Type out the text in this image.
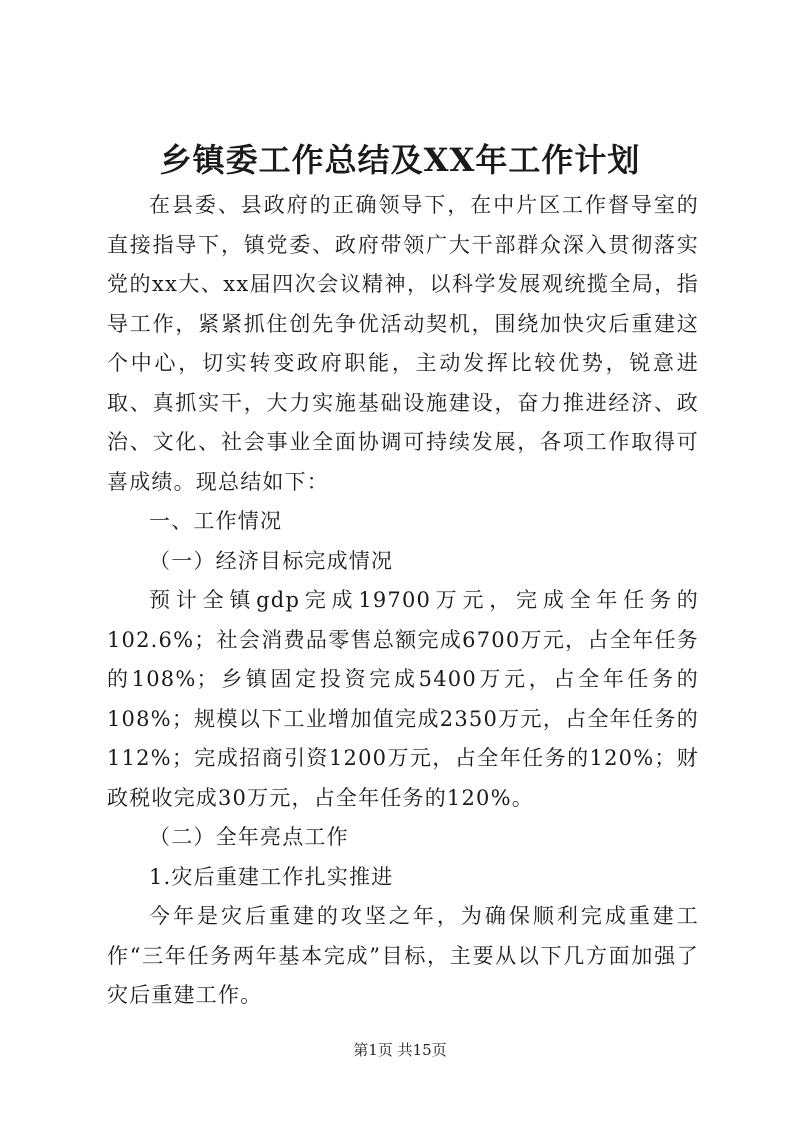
乡镇委工作总结及XX年工作计划

在县委、县政府的正确领导下，在中片区工作督导室的直接指导下，镇党委、政府带领广大干部群众深入贯彻落实党的xx大、xx届四次会议精神，以科学发展观统揽全局，指导工作，紧紧抓住创先争优活动契机，围绕加快灾后重建这个中心，切实转变政府职能，主动发挥比较优势，锐意进取、真抓实干，大力实施基础设施建设，奋力推进经济、政治、文化、社会事业全面协调可持续发展，各项工作取得可喜成绩。现总结如下：

一、工作情况

（一）经济目标完成情况

预计全镇gdp完成19700万元，完成全年任务的102.6%；社会消费品零售总额完成6700万元，占全年任务的108%；乡镇固定投资完成5400万元，占全年任务的108%；规模以下工业增加值完成2350万元，占全年任务的112%；完成招商引资1200万元，占全年任务的120%；财政税收完成30万元，占全年任务的120%。

（二）全年亮点工作

1.灾后重建工作扎实推进

今年是灾后重建的攻坚之年，为确保顺利完成重建工作“三年任务两年基本完成”目标，主要从以下几方面加强了灾后重建工作。

第1页 共15页
